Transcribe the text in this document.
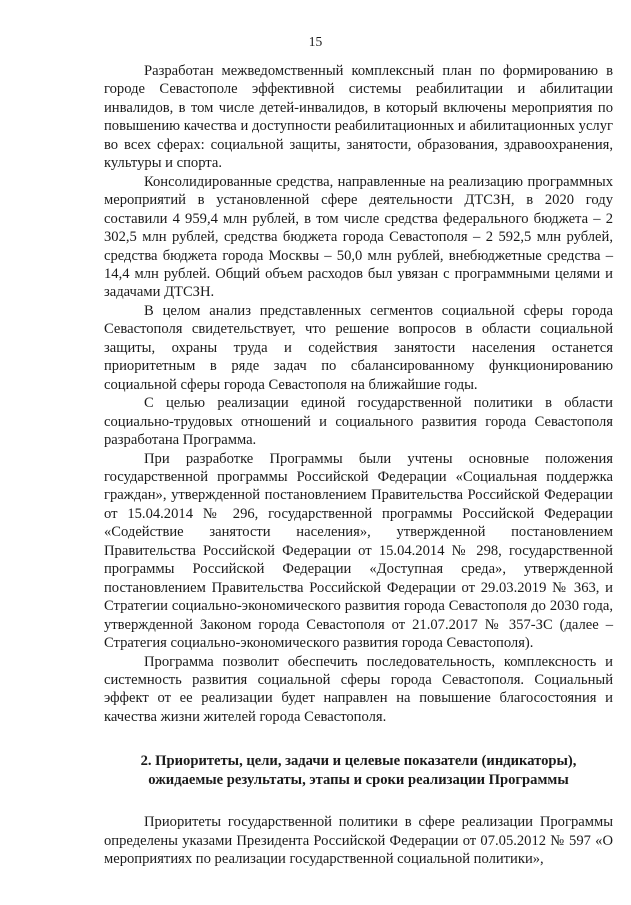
15

Разработан межведомственный комплексный план по формированию в городе Севастополе эффективной системы реабилитации и абилитации инвалидов, в том числе детей-инвалидов, в который включены мероприятия по повышению качества и доступности реабилитационных и абилитационных услуг во всех сферах: социальной защиты, занятости, образования, здравоохранения, культуры и спорта.

Консолидированные средства, направленные на реализацию программных мероприятий в установленной сфере деятельности ДТСЗН, в 2020 году составили 4 959,4 млн рублей, в том числе средства федерального бюджета – 2 302,5 млн рублей, средства бюджета города Севастополя – 2 592,5 млн рублей, средства бюджета города Москвы – 50,0 млн рублей, внебюджетные средства – 14,4 млн рублей. Общий объем расходов был увязан с программными целями и задачами ДТСЗН.

В целом анализ представленных сегментов социальной сферы города Севастополя свидетельствует, что решение вопросов в области социальной защиты, охраны труда и содействия занятости населения останется приоритетным в ряде задач по сбалансированному функционированию социальной сферы города Севастополя на ближайшие годы.

С целью реализации единой государственной политики в области социально-трудовых отношений и социального развития города Севастополя разработана Программа.

При разработке Программы были учтены основные положения государственной программы Российской Федерации «Социальная поддержка граждан», утвержденной постановлением Правительства Российской Федерации от 15.04.2014 № 296, государственной программы Российской Федерации «Содействие занятости населения», утвержденной постановлением Правительства Российской Федерации от 15.04.2014 № 298, государственной программы Российской Федерации «Доступная среда», утвержденной постановлением Правительства Российской Федерации от 29.03.2019 № 363, и Стратегии социально-экономического развития города Севастополя до 2030 года, утвержденной Законом города Севастополя от 21.07.2017 № 357-ЗС (далее – Стратегия социально-экономического развития города Севастополя).

Программа позволит обеспечить последовательность, комплексность и системность развития социальной сферы города Севастополя. Социальный эффект от ее реализации будет направлен на повышение благосостояния и качества жизни жителей города Севастополя.

2. Приоритеты, цели, задачи и целевые показатели (индикаторы),
ожидаемые результаты, этапы и сроки реализации Программы

Приоритеты государственной политики в сфере реализации Программы определены указами Президента Российской Федерации от 07.05.2012 № 597 «О мероприятиях по реализации государственной социальной политики»,
